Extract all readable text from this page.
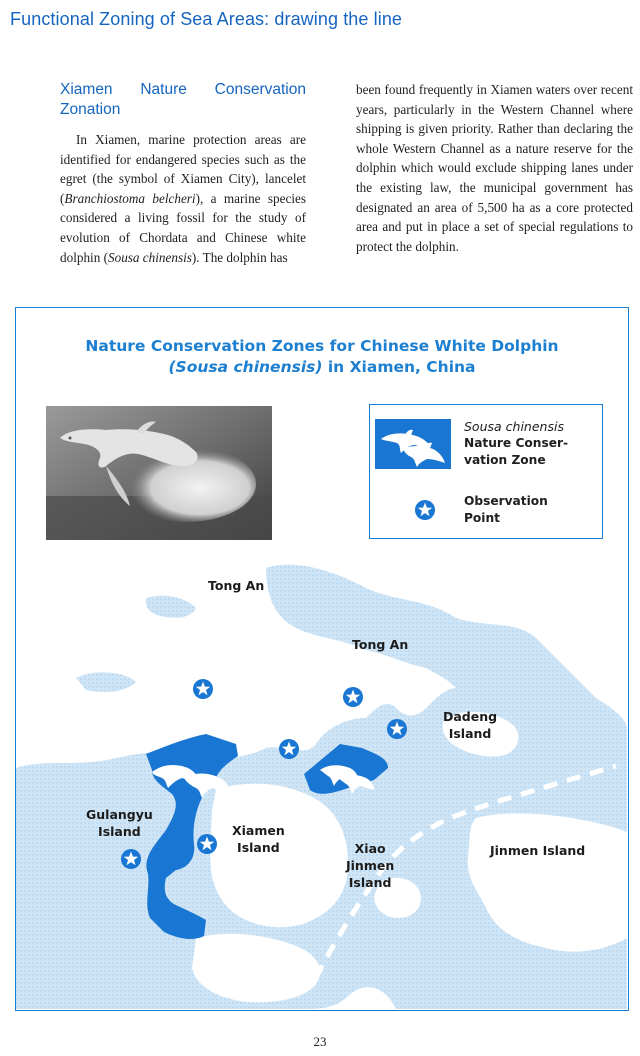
Functional Zoning of Sea Areas: drawing the line
Xiamen Nature Conservation Zonation

In Xiamen, marine protection areas are identified for endangered species such as the egret (the symbol of Xiamen City), lancelet (Branchiostoma belcheri), a marine species considered a living fossil for the study of evolution of Chordata and Chinese white dolphin (Sousa chinensis). The dolphin has

been found frequently in Xiamen waters over recent years, particularly in the Western Channel where shipping is given priority. Rather than declaring the whole Western Channel as a nature reserve for the dolphin which would exclude shipping lanes under the existing law, the municipal government has designated an area of 5,500 ha as a core protected area and put in place a set of special regulations to protect the dolphin.

Nature Conservation Zones for Chinese White Dolphin
(Sousa chinensis) in Xiamen, China
Sousa chinensis
Nature Conser-
vation Zone
Observation
Point
Tong An
Tong An
Dadeng
Island
Gulangyu
Island	Xiamen
Island	Xiao
Jinmen
Island
Jinmen Island
23
